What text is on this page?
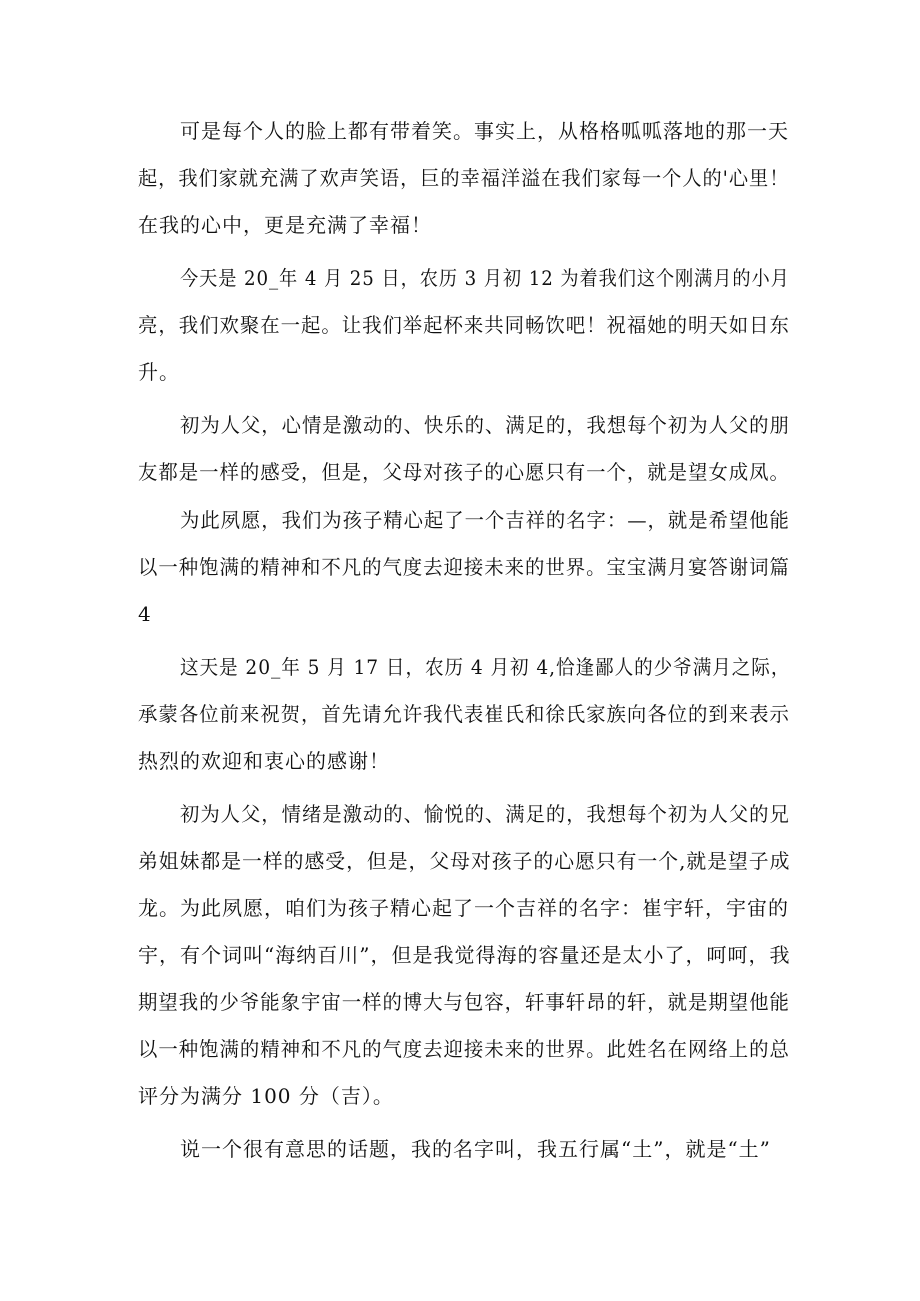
可是每个人的脸上都有带着笑。事实上，从格格呱呱落地的那一天
起，我们家就充满了欢声笑语，巨的幸福洋溢在我们家每一个人的'心里！
在我的心中，更是充满了幸福！
今天是 20_年 4 月 25 日，农历 3 月初 12 为着我们这个刚满月的小月
亮，我们欢聚在一起。让我们举起杯来共同畅饮吧！祝福她的明天如日东
升。
初为人父，心情是激动的、快乐的、满足的，我想每个初为人父的朋
友都是一样的感受，但是，父母对孩子的心愿只有一个，就是望女成凤。
为此夙愿，我们为孩子精心起了一个吉祥的名字：—，就是希望他能
以一种饱满的精神和不凡的气度去迎接未来的世界。宝宝满月宴答谢词篇
4
这天是 20_年 5 月 17 日，农历 4 月初 4,恰逢鄙人的少爷满月之际，
承蒙各位前来祝贺，首先请允许我代表崔氏和徐氏家族向各位的到来表示
热烈的欢迎和衷心的感谢！
初为人父，情绪是激动的、愉悦的、满足的，我想每个初为人父的兄
弟姐妹都是一样的感受，但是，父母对孩子的心愿只有一个,就是望子成
龙。为此夙愿，咱们为孩子精心起了一个吉祥的名字：崔宇轩，宇宙的
宇，有个词叫“海纳百川”，但是我觉得海的容量还是太小了，呵呵，我
期望我的少爷能象宇宙一样的博大与包容，轩事轩昂的轩，就是期望他能
以一种饱满的精神和不凡的气度去迎接未来的世界。此姓名在网络上的总
评分为满分 100 分（吉）。
说一个很有意思的话题，我的名字叫，我五行属“土”，就是“土”
